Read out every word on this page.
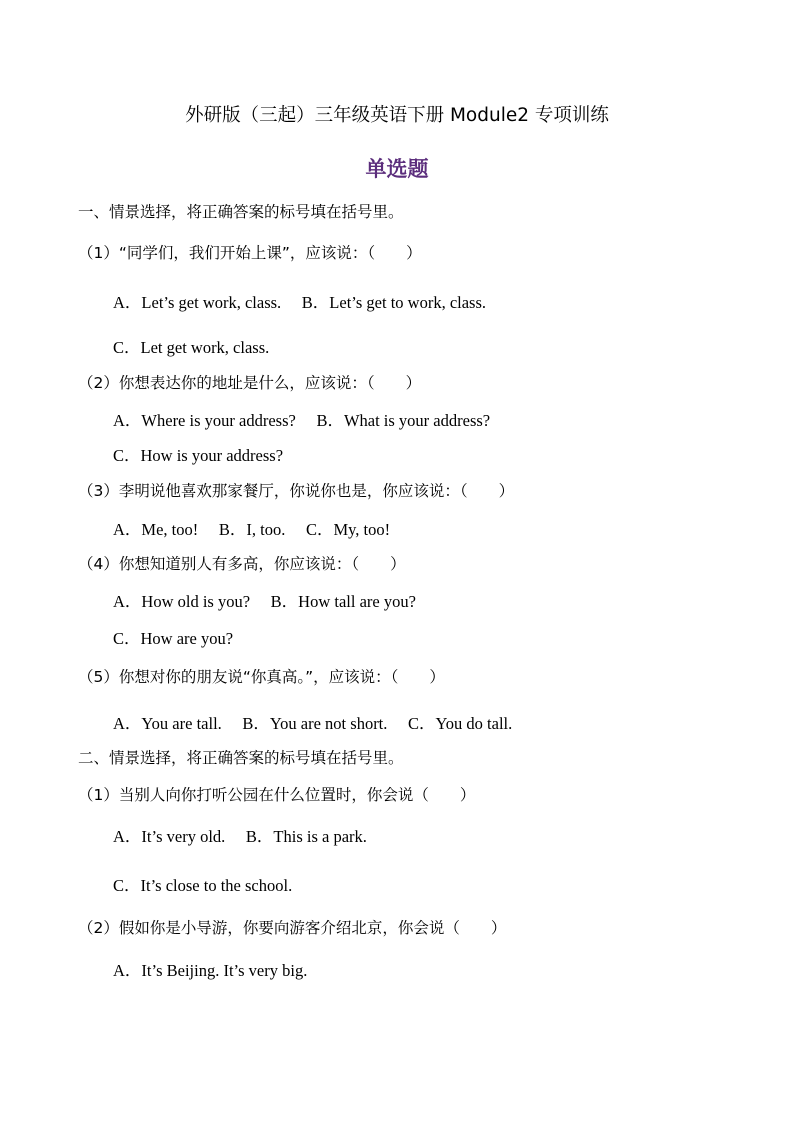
外研版（三起）三年级英语下册 Module2 专项训练
单选题
一、情景选择，将正确答案的标号填在括号里。
（1）“同学们，我们开始上课”，应该说：（　　）
A．Let’s get work, class.　 B．Let’s get to work, class.
C．Let get work, class.
（2）你想表达你的地址是什么，应该说：（　　）
A．Where is your address?　 B．What is your address?
C．How is your address?
（3）李明说他喜欢那家餐厅，你说你也是，你应该说：（　　）
A．Me, too!　 B．I, too.　 C．My, too!
（4）你想知道别人有多高，你应该说：（　　）
A．How old is you?　 B．How tall are you?
C．How are you?
（5）你想对你的朋友说“你真高。”，应该说：（　　）
A．You are tall.　 B．You are not short.　 C．You do tall.
二、情景选择，将正确答案的标号填在括号里。
（1）当别人向你打听公园在什么位置时，你会说（　　）
A．It’s very old.　 B．This is a park.
C．It’s close to the school.
（2）假如你是小导游，你要向游客介绍北京，你会说（　　）
A．It’s Beijing. It’s very big.
